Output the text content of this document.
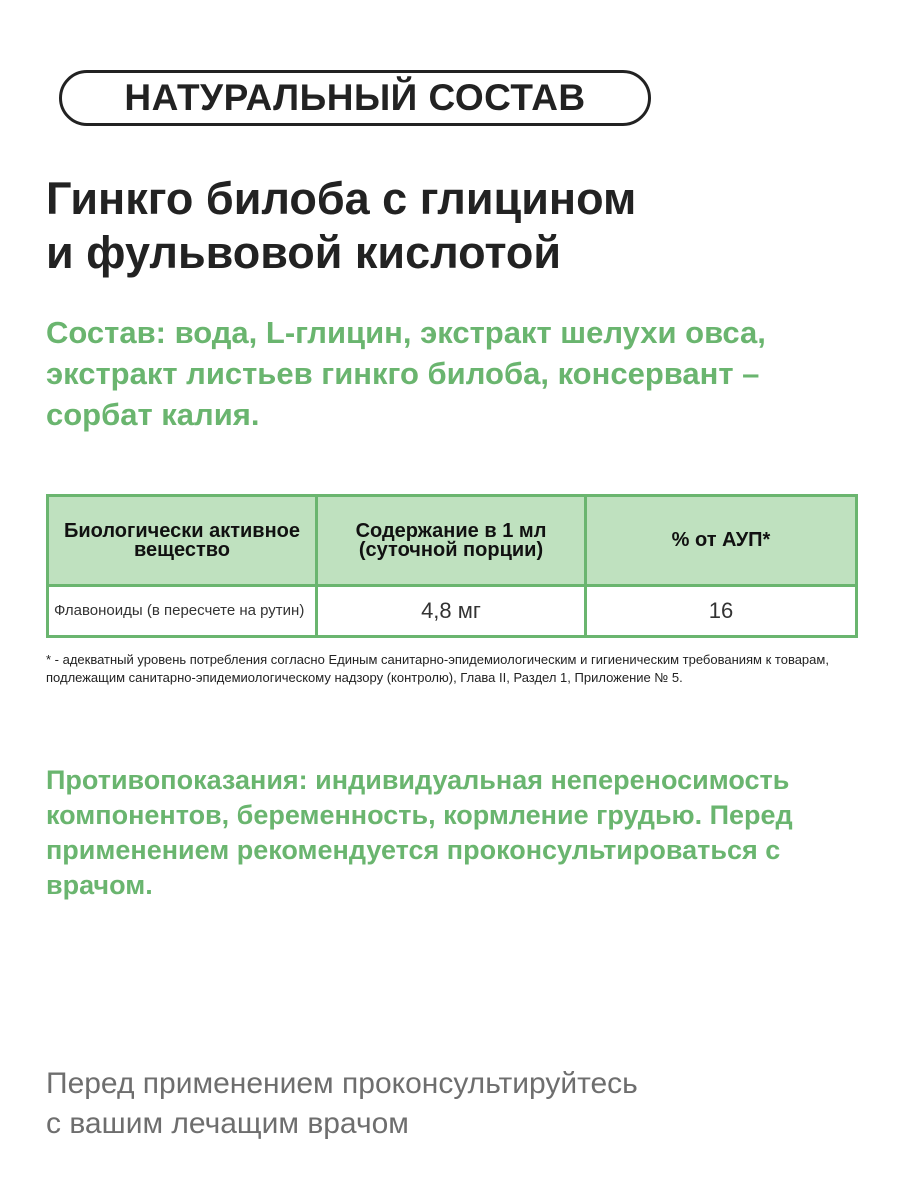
НАТУРАЛЬНЫЙ СОСТАВ
Гинкго билоба с глицином
и фульвовой кислотой
Состав: вода, L-глицин, экстракт шелухи овса, экстракт листьев гинкго билоба, консервант – сорбат калия.
Биологически активное вещество	Содержание в 1 мл (суточной порции)	% от АУП*
Флавоноиды (в пересчете на рутин)	4,8 мг	16
* - адекватный уровень потребления согласно Единым санитарно-эпидемиологическим и гигиеническим требованиям к товарам, подлежащим санитарно-эпидемиологическому надзору (контролю), Глава II, Раздел 1, Приложение № 5.
Противопоказания: индивидуальная непереносимость компонентов, беременность, кормление грудью. Перед применением рекомендуется проконсультироваться с врачом.
Перед применением проконсультируйтесь
с вашим лечащим врачом
